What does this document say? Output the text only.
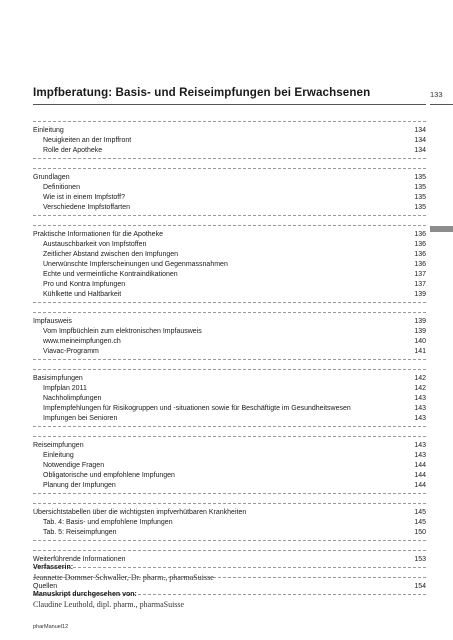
Impfberatung: Basis- und Reiseimpfungen bei Erwachsenen	133
Einleitung	134
Neuigkeiten an der Impffront	134
Rolle der Apotheke	134
Grundlagen	135
Definitionen	135
Wie ist in einem Impfstoff?	135
Verschiedene Impfstoffarten	135
Praktische Informationen für die Apotheke	136
Austauschbarkeit von Impfstoffen	136
Zeitlicher Abstand zwischen den Impfungen	136
Unerwünschte Impferscheinungen und Gegenmassnahmen	136
Echte und vermeintliche Kontraindikationen	137
Pro und Kontra Impfungen	137
Kühlkette und Haltbarkeit	139
Impfausweis	139
Vom Impfbüchlein zum elektronischen Impfausweis	139
www.meineimpfungen.ch	140
Viavac-Programm	141
Basisimpfungen	142
Impfplan 2011	142
Nachholimpfungen	143
Impfempfehlungen für Risikogruppen und -situationen sowie für Beschäftigte im Gesundheitswesen	143
Impfungen bei Senioren	143
Reiseimpfungen	143
Einleitung	143
Notwendige Fragen	144
Obligatorische und empfohlene Impfungen	144
Planung der Impfungen	144
Übersichtstabellen über die wichtigsten impfverhütbaren Krankheiten	145
Tab. 4: Basis- und empfohlene Impfungen	145
Tab. 5: Reiseimpfungen	150
Weiterführende Informationen	153
Quellen	154
Verfasserin:
Jeannette Dommer Schwaller, Dr. pharm., pharmaSuisse
Manuskript durchgesehen von:
Claudine Leuthold, dipl. pharm., pharmaSuisse
pharManuel12
